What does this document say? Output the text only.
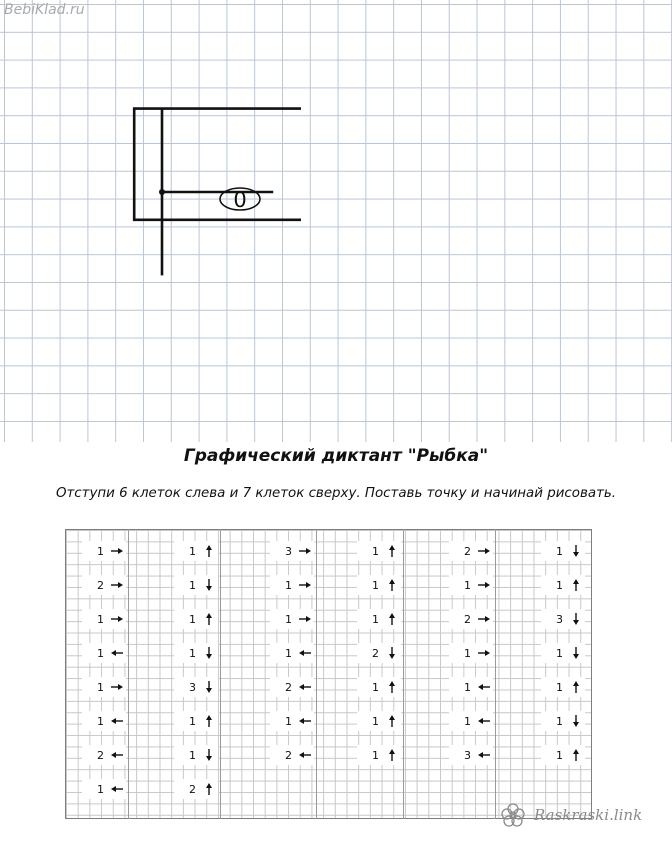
0
BebiKlad.ru
Графический диктант "Рыбка"
Отступи 6 клеток слева и 7 клеток сверху. Поставь точку и начинай рисовать.
Raskraski.link
1
2
1
1
1
1
2
1
1
1
1
1
3
1
1
2
3
1
1
1
2
1
2
1
1
1
2
1
1
1
2
1
2
1
1
1
3
1
1
3
1
1
1
1
